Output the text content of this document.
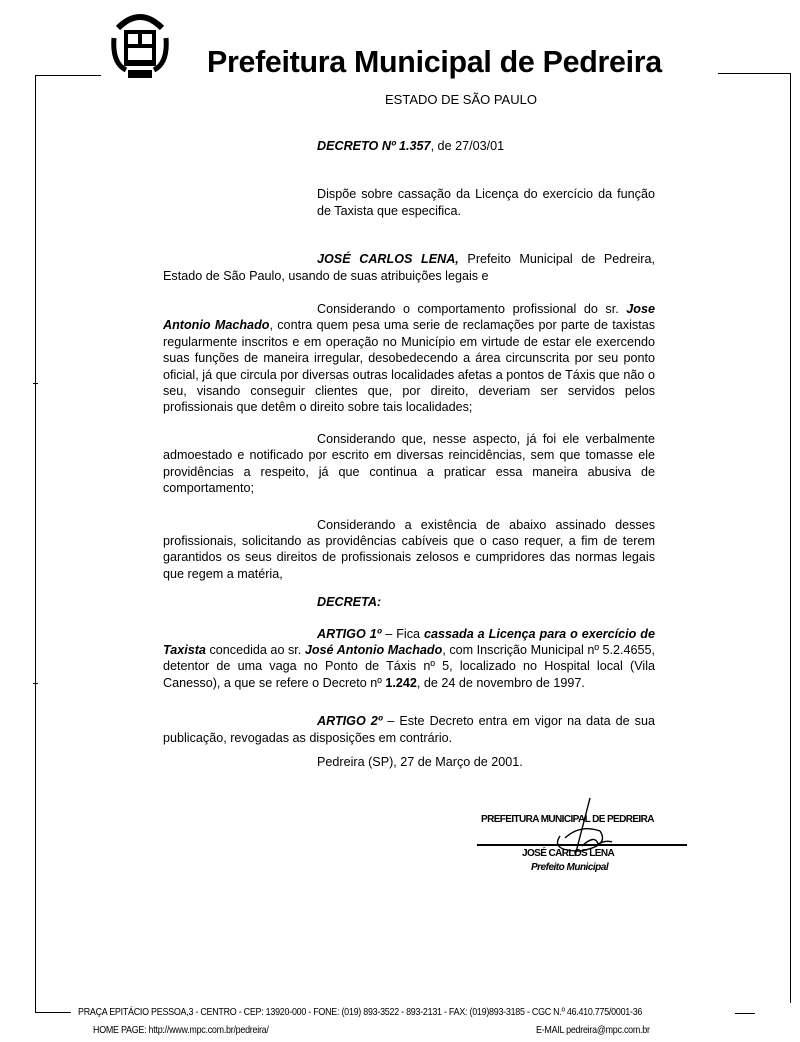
Prefeitura Municipal de Pedreira
ESTADO DE SÃO PAULO
DECRETO Nº 1.357, de 27/03/01
Dispõe sobre cassação da Licença do exercício da função de Taxista que especifica.
JOSÉ CARLOS LENA, Prefeito Municipal de Pedreira, Estado de São Paulo, usando de suas atribuições legais e
Considerando o comportamento profissional do sr. Jose Antonio Machado, contra quem pesa uma serie de reclamações por parte de taxistas regularmente inscritos e em operação no Município em virtude de estar ele exercendo suas funções de maneira irregular, desobedecendo a área circunscrita por seu ponto oficial, já que circula por diversas outras localidades afetas a pontos de Táxis que não o seu, visando conseguir clientes que, por direito, deveriam ser servidos pelos profissionais que detêm o direito sobre tais localidades;
Considerando que, nesse aspecto, já foi ele verbalmente admoestado e notificado por escrito em diversas reincidências, sem que tomasse ele providências a respeito, já que continua a praticar essa maneira abusiva de comportamento;
Considerando a existência de abaixo assinado desses profissionais, solicitando as providências cabíveis que o caso requer, a fim de terem garantidos os seus direitos de profissionais zelosos e cumpridores das normas legais que regem a matéria,
DECRETA:
ARTIGO 1º – Fica cassada a Licença para o exercício de Taxista concedida ao sr. José Antonio Machado, com Inscrição Municipal nº 5.2.4655, detentor de uma vaga no Ponto de Táxis nº 5, localizado no Hospital local (Vila Canesso), a que se refere o Decreto nº 1.242, de 24 de novembro de 1997.
ARTIGO 2º – Este Decreto entra em vigor na data de sua publicação, revogadas as disposições em contrário.
Pedreira (SP), 27 de Março de 2001.
PREFEITURA MUNICIPAL DE PEDREIRA
JOSÉ CARLOS LENA
Prefeito Municipal
PRAÇA EPITÁCIO PESSOA,3 - CENTRO - CEP: 13920-000 - FONE: (019) 893-3522 - 893-2131 - FAX: (019)893-3185 - CGC N.º 46.410.775/0001-36
HOME PAGE: http://www.mpc.com.br/pedreira/	E-MAIL pedreira@mpc.com.br
